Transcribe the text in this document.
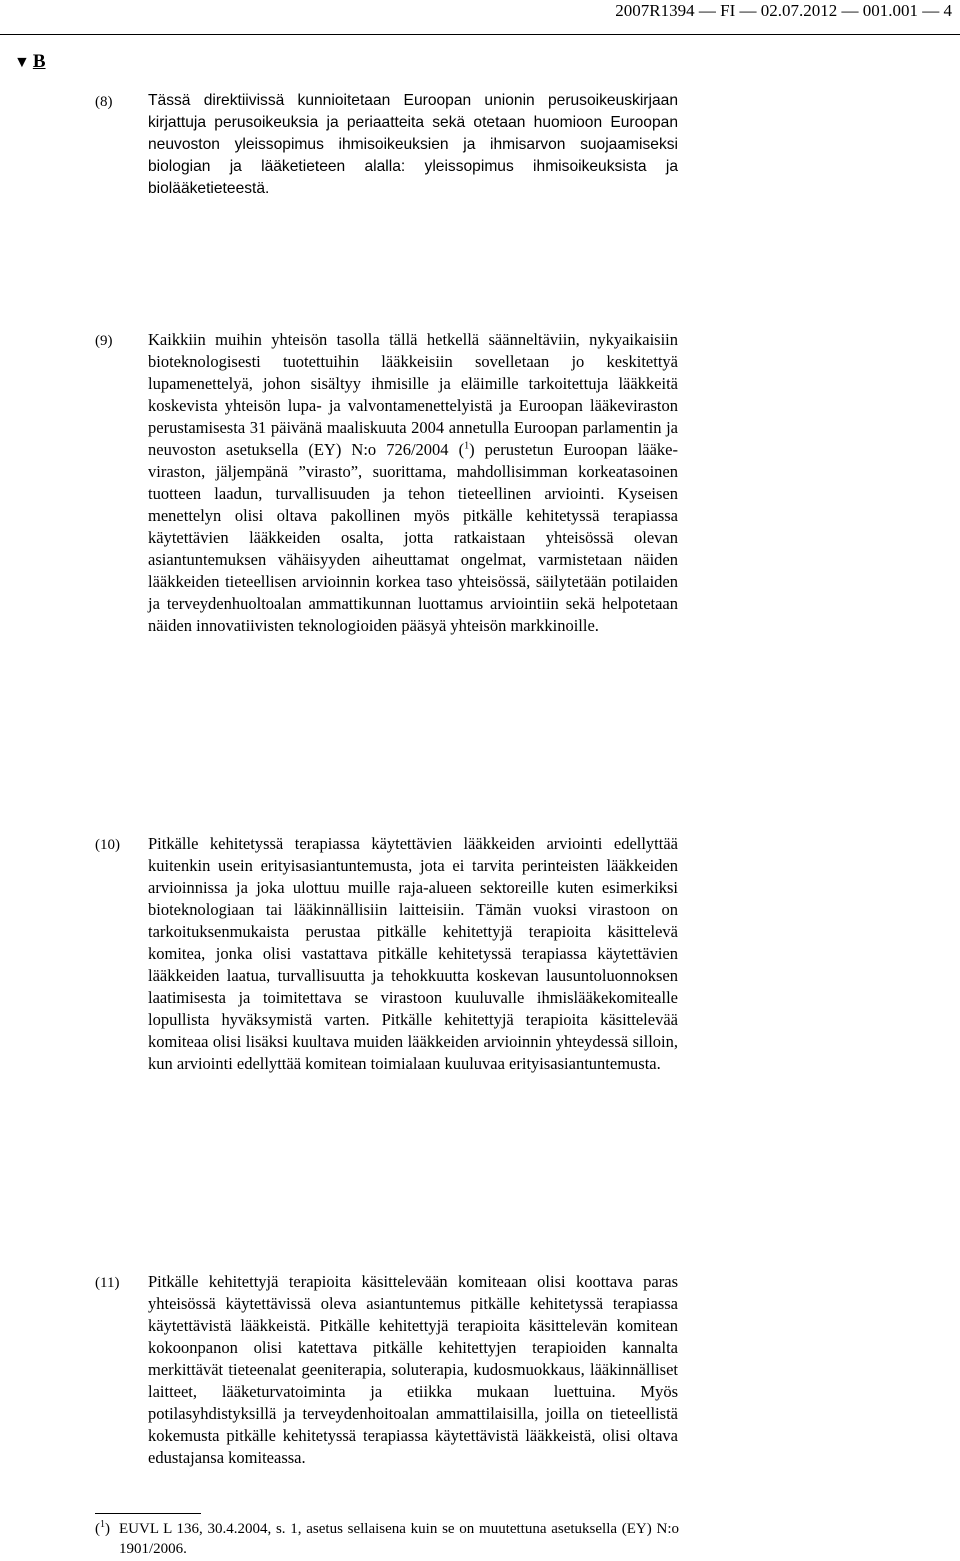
2007R1394 — FI — 02.07.2012 — 001.001 — 4
▼ B
(8) Tässä direktiivissä kunnioitetaan Euroopan unionin perusoikeuskirjaan kirjattuja perusoikeuksia ja periaatteita sekä otetaan huomioon Euroopan neuvoston yleissopimus ihmisoikeuksien ja ihmisarvon suojaamiseksi biologian ja lääketieteen alalla: yleissopimus ihmisoikeuksista ja biolääketieteestä.
(9) Kaikkiin muihin yhteisön tasolla tällä hetkellä säänneltäviin, nykyaikaisiin bioteknologisesti tuotettuihin lääkkeisiin sovelletaan jo keskitettyä lupamenettelyä, johon sisältyy ihmisille ja eläimille tarkoitettuja lääkkeitä koskevista yhteisön lupa- ja valvontamenettelyistä ja Euroopan lääkeviraston perustamisesta 31 päivänä maaliskuuta 2004 annetulla Euroopan parlamentin ja neuvoston asetuksella (EY) N:o 726/2004 ($^1$) perustetun Euroopan lääkeviraston, jäljempänä ”virasto”, suorittama, mahdollisimman korkeatasoinen tuotteen laadun, turvallisuuden ja tehon tieteellinen arviointi. Kyseisen menettelyn olisi oltava pakollinen myös pitkälle kehitetyssä terapiassa käytettävien lääkkeiden osalta, jotta ratkaistaan yhteisössä olevan asiantuntemuksen vähäisyyden aiheuttamat ongelmat, varmistetaan näiden lääkkeiden tieteellisen arvioinnin korkea taso yhteisössä, säilytetään potilaiden ja terveydenhuoltoalan ammattikunnan luottamus arviointiin sekä helpotetaan näiden innovatiivisten teknologioiden pääsyä yhteisön markkinoille.
(10) Pitkälle kehitetyssä terapiassa käytettävien lääkkeiden arviointi edellyttää kuitenkin usein erityisasiantuntemusta, jota ei tarvita perinteisten lääkkeiden arvioinnissa ja joka ulottuu muille raja-alueen sektoreille kuten esimerkiksi bioteknologiaan tai lääkinnällisiin laitteisiin. Tämän vuoksi virastoon on tarkoituksenmukaista perustaa pitkälle kehitettyjä terapioita käsittelevä komitea, jonka olisi vastattava pitkälle kehitetyssä terapiassa käytettävien lääkkeiden laatua, turvallisuutta ja tehokkuutta koskevan lausuntoluonnoksen laatimisesta ja toimitettava se virastoon kuuluvalle ihmislääkekomitealle lopullista hyväksymistä varten. Pitkälle kehitettyjä terapioita käsittelevää komiteaa olisi lisäksi kuultava muiden lääkkeiden arvioinnin yhteydessä silloin, kun arviointi edellyttää komitean toimialaan kuuluvaa erityisasiantuntemusta.
(11) Pitkälle kehitettyjä terapioita käsittelevään komiteaan olisi koottava paras yhteisössä käytettävissä oleva asiantuntemus pitkälle kehitetyssä terapiassa käytettävistä lääkkeistä. Pitkälle kehitettyjä terapioita käsittelevän komitean kokoonpanon olisi katettava pitkälle kehitettyjen terapioiden kannalta merkittävät tieteenalat geeniterapia, soluterapia, kudosmuokkaus, lääkinnälliset laitteet, lääketurvatoiminta ja etiikka mukaan luettuina. Myös potilasyhdistyksillä ja terveydenhoitoalan ammattilaisilla, joilla on tieteellistä kokemusta pitkälle kehitetyssä terapiassa käytettävistä lääkkeistä, olisi oltava edustajansa komiteassa.
($^1$) EUVL L 136, 30.4.2004, s. 1, asetus sellaisena kuin se on muutettuna asetuksella (EY) N:o 1901/2006.
